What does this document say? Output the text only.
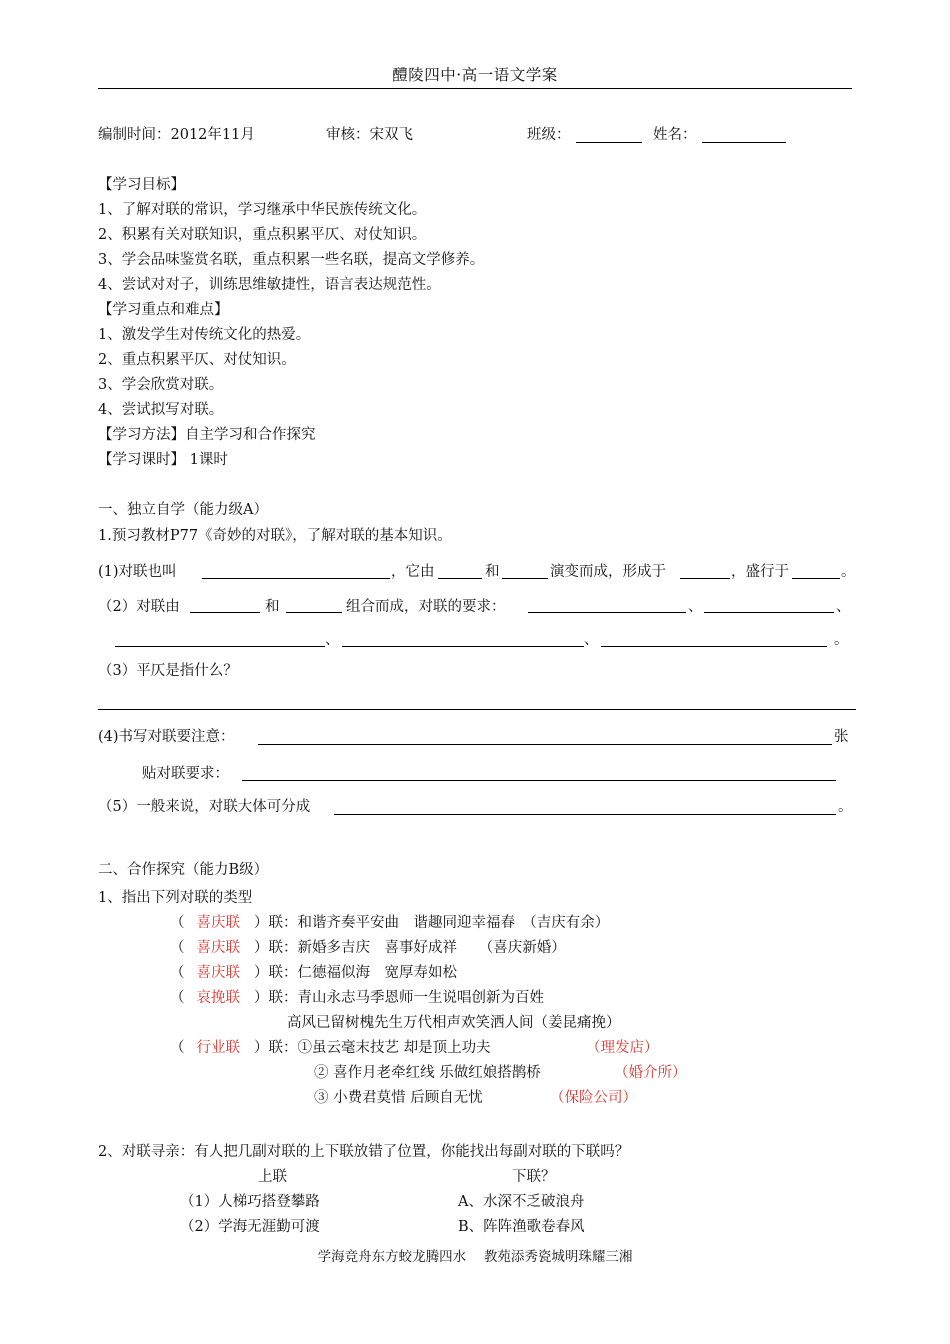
醴陵四中·高一语文学案
编制时间：2012年11月	审核：宋双飞	班级：	姓名：
【学习目标】
1、了解对联的常识，学习继承中华民族传统文化。
2、积累有关对联知识，重点积累平仄、对仗知识。
3、学会品味鉴赏名联，重点积累一些名联，提高文学修养。
4、尝试对对子，训练思维敏捷性，语言表达规范性。
【学习重点和难点】
1、激发学生对传统文化的热爱。
2、重点积累平仄、对仗知识。
3、学会欣赏对联。
4、尝试拟写对联。
【学习方法】自主学习和合作探究
【学习课时】 1课时
一、独立自学（能力级A）
1.预习教材P77《奇妙的对联》，了解对联的基本知识。
(1)对联也叫	，它由	和	演变而成，形成于	，盛行于	。
（2）对联由	和	组合而成，对联的要求：	、	、
、	、	。
（3）平仄是指什么？
(4)书写对联要注意：	张
贴对联要求：
（5）一般来说，对联大体可分成	。
二、合作探究（能力B级）
1、指出下列对联的类型
（ 喜庆联 ）联：和谐齐奏平安曲　谐趣同迎幸福春　（吉庆有余）
（ 喜庆联 ）联：新婚多吉庆　喜事好成祥　　（喜庆新婚）
（ 喜庆联 ）联：仁德福似海　宽厚寿如松
（ 哀挽联 ）联：青山永志马季恩师一生说唱创新为百姓
高风已留树槐先生万代相声欢笑洒人间（姜昆痛挽）
（ 行业联 ）联：①虽云毫末技艺 却是顶上功夫	（理发店）
② 喜作月老牵红线 乐做红娘搭鹊桥	（婚介所）
③ 小费君莫惜 后顾自无忧	（保险公司）
2、对联寻亲：有人把几副对联的上下联放错了位置，你能找出每副对联的下联吗？
上联	下联？
（1）人梯巧搭登攀路	A、水深不乏破浪舟
（2）学海无涯勤可渡	B、阵阵渔歌卷春风
学海竞舟东方蛟龙腾四水　 教苑添秀瓷城明珠耀三湘
